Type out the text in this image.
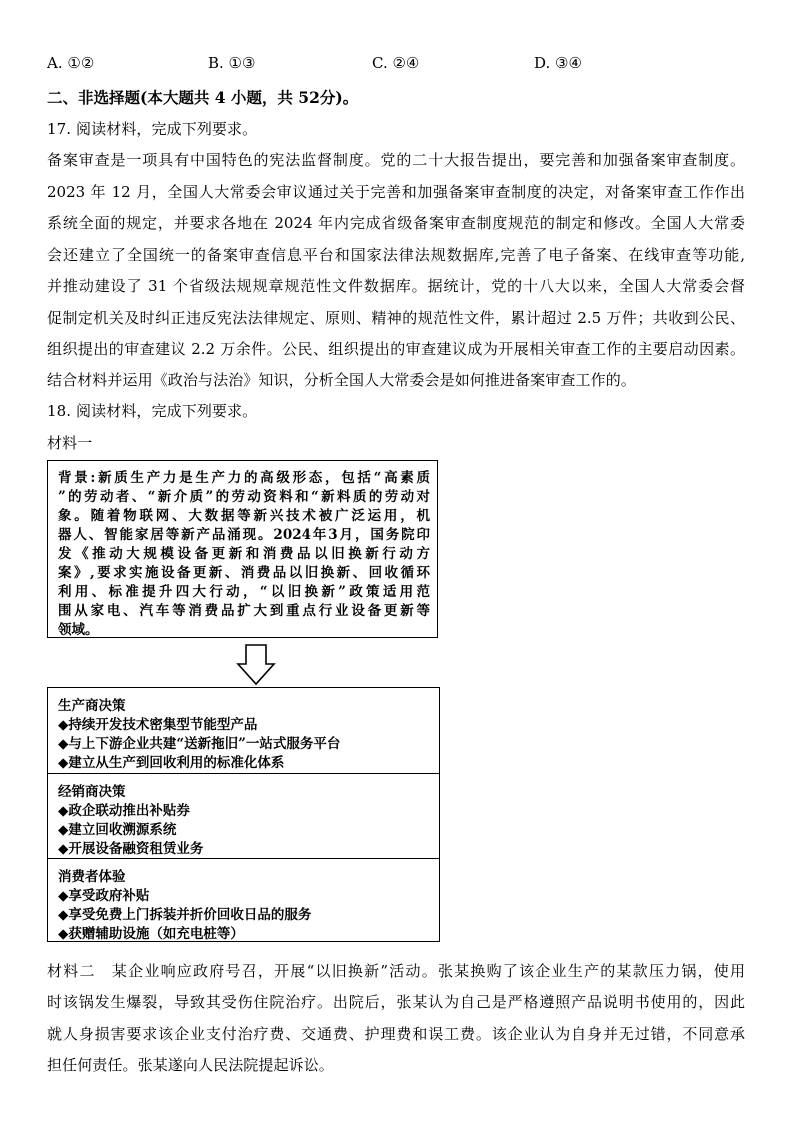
A. ①②	B. ①③	C. ②④	D. ③④
二、非选择题(本大题共 4 小题，共 52分)。
17. 阅读材料，完成下列要求。
备案审查是一项具有中国特色的宪法监督制度。党的二十大报告提出，要完善和加强备案审查制度。
2023 年 12 月，全国人大常委会审议通过关于完善和加强备案审查制度的决定，对备案审查工作作出
系统全面的规定，并要求各地在 2024 年内完成省级备案审查制度规范的制定和修改。全国人大常委
会还建立了全国统一的备案审查信息平台和国家法律法规数据库,完善了电子备案、在线审查等功能,
并推动建设了 31 个省级法规规章规范性文件数据库。据统计，党的十八大以来，全国人大常委会督
促制定机关及时纠正违反宪法法律规定、原则、精神的规范性文件，累计超过 2.5 万件；共收到公民、
组织提出的审查建议 2.2 万余件。公民、组织提出的审查建议成为开展相关审查工作的主要启动因素。
结合材料并运用《政治与法治》知识，分析全国人大常委会是如何推进备案审查工作的。
18. 阅读材料，完成下列要求。
材料一
背景:新质生产力是生产力的高级形态，包括“高素质
”的劳动者、“新介质”的劳动资料和“新料质的劳动对
象。随着物联网、大数据等新兴技术被广泛运用，机
器人、智能家居等新产品涌现。2024年3月，国务院印
发《推动大规模设备更新和消费品以旧换新行动方
案》,要求实施设备更新、消费品以旧换新、回收循环
利用、标准提升四大行动，“以旧换新”政策适用范
围从家电、汽车等消费品扩大到重点行业设备更新等
领域。
生产商决策
◆持续开发技术密集型节能型产品
◆与上下游企业共建“送新拖旧”一站式服务平台
◆建立从生产到回收利用的标准化体系
经销商决策
◆政企联动推出补贴券
◆建立回收溯源系统
◆开展设备融资租赁业务
消费者体验
◆享受政府补贴
◆享受免费上门拆装并折价回收日品的服务
◆获赠辅助设施（如充电桩等）
材料二　某企业响应政府号召，开展“以旧换新”活动。张某换购了该企业生产的某款压力锅，使用
时该锅发生爆裂，导致其受伤住院治疗。出院后，张某认为自己是严格遵照产品说明书使用的，因此
就人身损害要求该企业支付治疗费、交通费、护理费和误工费。该企业认为自身并无过错，不同意承
担任何责任。张某遂向人民法院提起诉讼。
